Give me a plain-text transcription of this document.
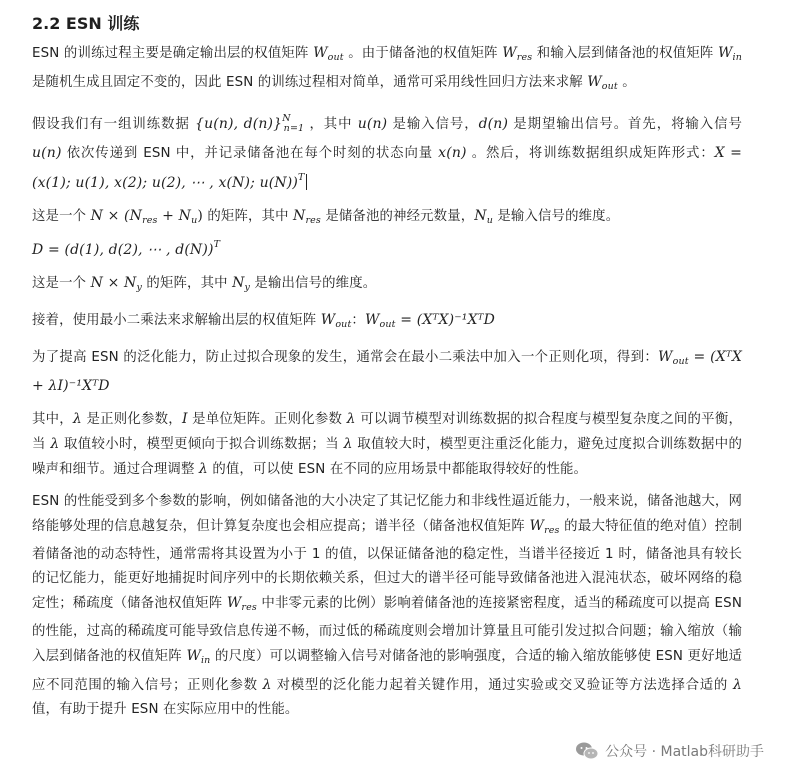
2.2 ESN 训练

ESN 的训练过程主要是确定输出层的权值矩阵 $W_{out}$ 。由于储备池的权值矩阵 $W_{res}$ 和输入层到储备池的权值矩阵 $W_{in}$ 是随机生成且固定不变的，因此 ESN 的训练过程相对简单，通常可采用线性回归方法来求解 $W_{out}$ 。

假设我们有一组训练数据 {u(n), d(n)}$^N_{n=1}$ ，其中 u(n) 是输入信号，d(n) 是期望输出信号。首先，将输入信号 u(n) 依次传递到 ESN 中，并记录储备池在每个时刻的状态向量 x(n) 。然后，将训练数据组织成矩阵形式：X = (x(1); u(1), x(2); u(2), ⋯ , x(N); u(N))$^T$

这是一个 $N \times (N_{res} + N_u)$ 的矩阵，其中 $N_{res}$ 是储备池的神经元数量，$N_u$ 是输入信号的维度。
D = (d(1), d(2), ⋯ , d(N))$^T$

这是一个 $N \times N_y$ 的矩阵，其中 $N_y$ 是输出信号的维度。

接着，使用最小二乘法来求解输出层的权值矩阵 $W_{out}$：$W_{out}$ = (XᵀX)⁻¹XᵀD

为了提高 ESN 的泛化能力，防止过拟合现象的发生，通常会在最小二乘法中加入一个正则化项，得到：$W_{out}$ = (XᵀX + λI)⁻¹XᵀD

其中，λ 是正则化参数，I 是单位矩阵。正则化参数 λ 可以调节模型对训练数据的拟合程度与模型复杂度之间的平衡，当 λ 取值较小时，模型更倾向于拟合训练数据；当 λ 取值较大时，模型更注重泛化能力，避免过度拟合训练数据中的噪声和细节。通过合理调整 λ 的值，可以使 ESN 在不同的应用场景中都能取得较好的性能。

ESN 的性能受到多个参数的影响，例如储备池的大小决定了其记忆能力和非线性逼近能力，一般来说，储备池越大，网络能够处理的信息越复杂，但计算复杂度也会相应提高；谱半径（储备池权值矩阵 $W_{res}$ 的最大特征值的绝对值）控制着储备池的动态特性，通常需将其设置为小于 1 的值，以保证储备池的稳定性，当谱半径接近 1 时，储备池具有较长的记忆能力，能更好地捕捉时间序列中的长期依赖关系，但过大的谱半径可能导致储备池进入混沌状态，破坏网络的稳定性；稀疏度（储备池权值矩阵 $W_{res}$ 中非零元素的比例）影响着储备池的连接紧密程度，适当的稀疏度可以提高 ESN 的性能，过高的稀疏度可能导致信息传递不畅，而过低的稀疏度则会增加计算量且可能引发过拟合问题；输入缩放（输入层到储备池的权值矩阵 $W_{in}$ 的尺度）可以调整输入信号对储备池的影响强度，合适的输入缩放能够使 ESN 更好地适应不同范围的输入信号；正则化参数 λ 对模型的泛化能力起着关键作用，通过实验或交叉验证等方法选择合适的 λ 值，有助于提升 ESN 在实际应用中的性能。

公众号 · Matlab科研助手
